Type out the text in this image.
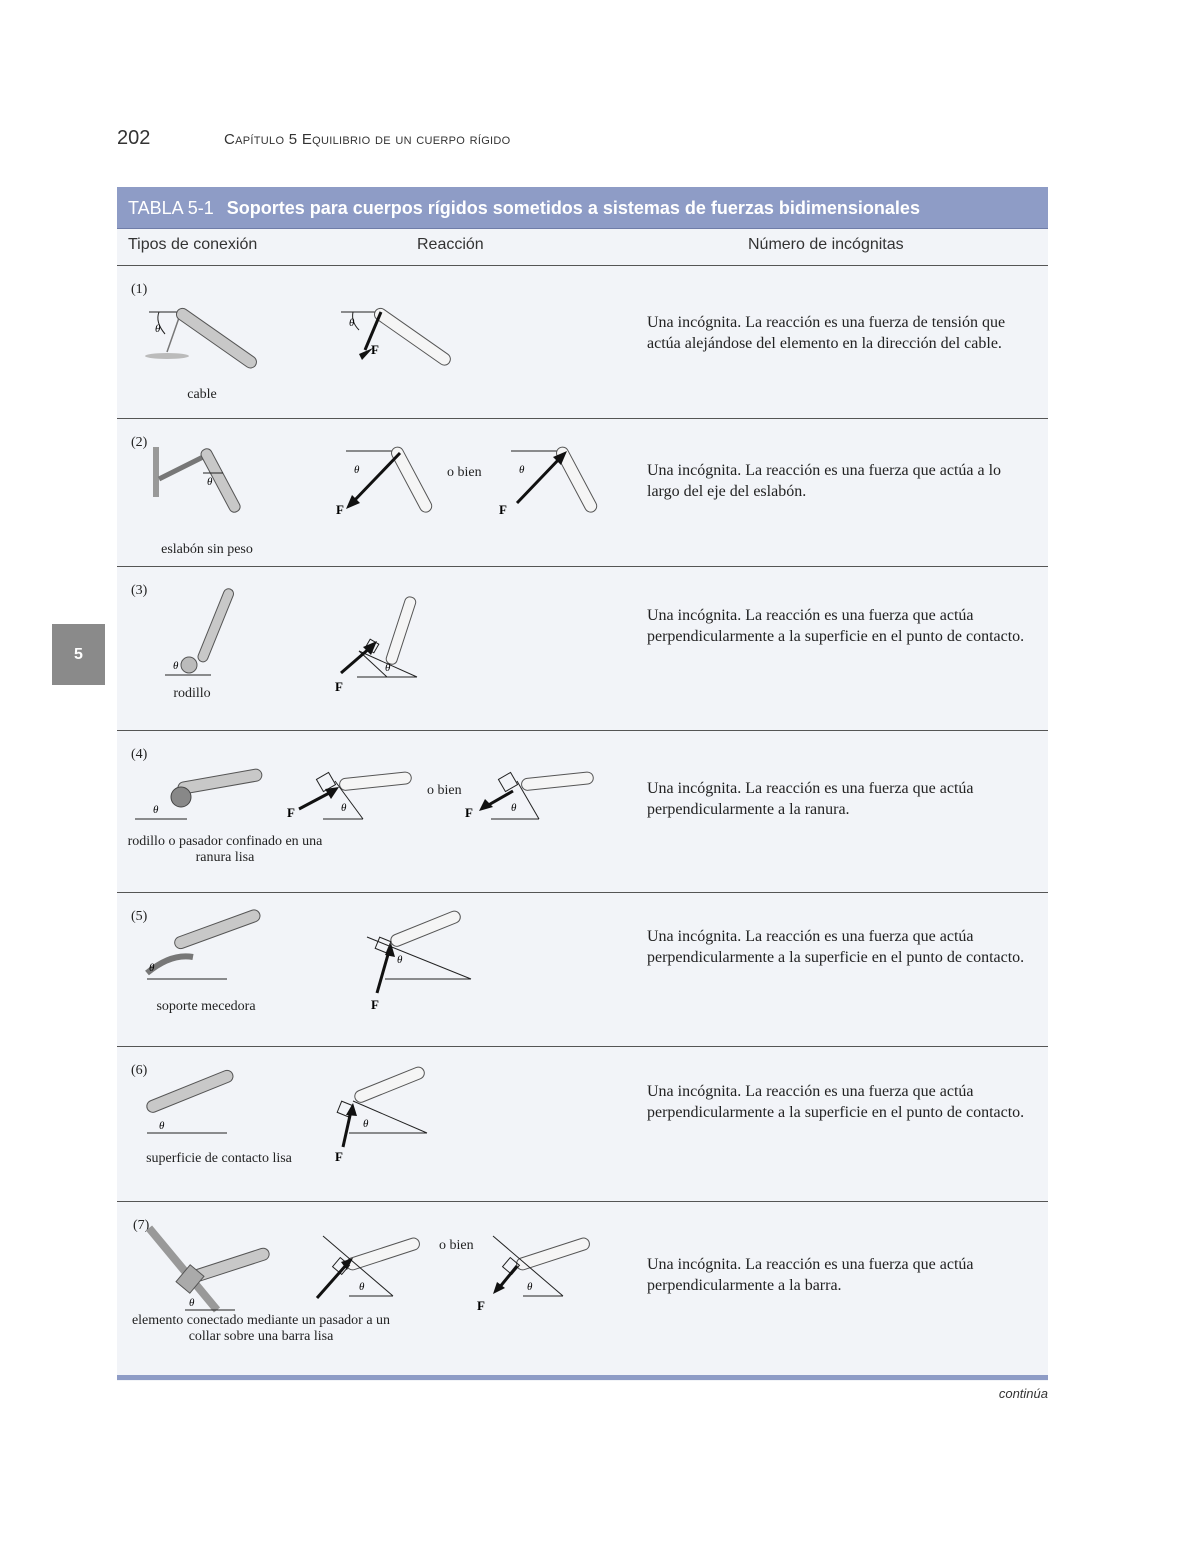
202	Capítulo 5 Equilibrio de un cuerpo rígido
5
TABLA 5-1 Soportes para cuerpos rígidos sometidos a sistemas de fuerzas bidimensionales
Tipos de conexión	Reacción	Número de incógnitas
(1)
θ
cable
θ
F
Una incógnita. La reacción es una fuerza de tensión que actúa alejándose del elemento en la dirección del cable.
(2)
θ
eslabón sin peso
θ
F
o bien	θ
F
Una incógnita. La reacción es una fuerza que actúa a lo largo del eje del eslabón.
(3)
θ
rodillo
θ
F
Una incógnita. La reacción es una fuerza que actúa perpendicularmente a la superficie en el punto de contacto.
(4)
θ
rodillo o pasador confinado en una ranura lisa
θ
F
o bien
θ
F
Una incógnita. La reacción es una fuerza que actúa perpendicularmente a la ranura.
(5)
θ
soporte mecedora
θ
F
Una incógnita. La reacción es una fuerza que actúa perpendicularmente a la superficie en el punto de contacto.
(6)
θ
superficie de contacto lisa
θ
F
Una incógnita. La reacción es una fuerza que actúa perpendicularmente a la superficie en el punto de contacto.
(7)
θ
elemento conectado mediante un pasador a un collar sobre una barra lisa
θ
o bien
θ
F
Una incógnita. La reacción es una fuerza que actúa perpendicularmente a la barra.
continúa
